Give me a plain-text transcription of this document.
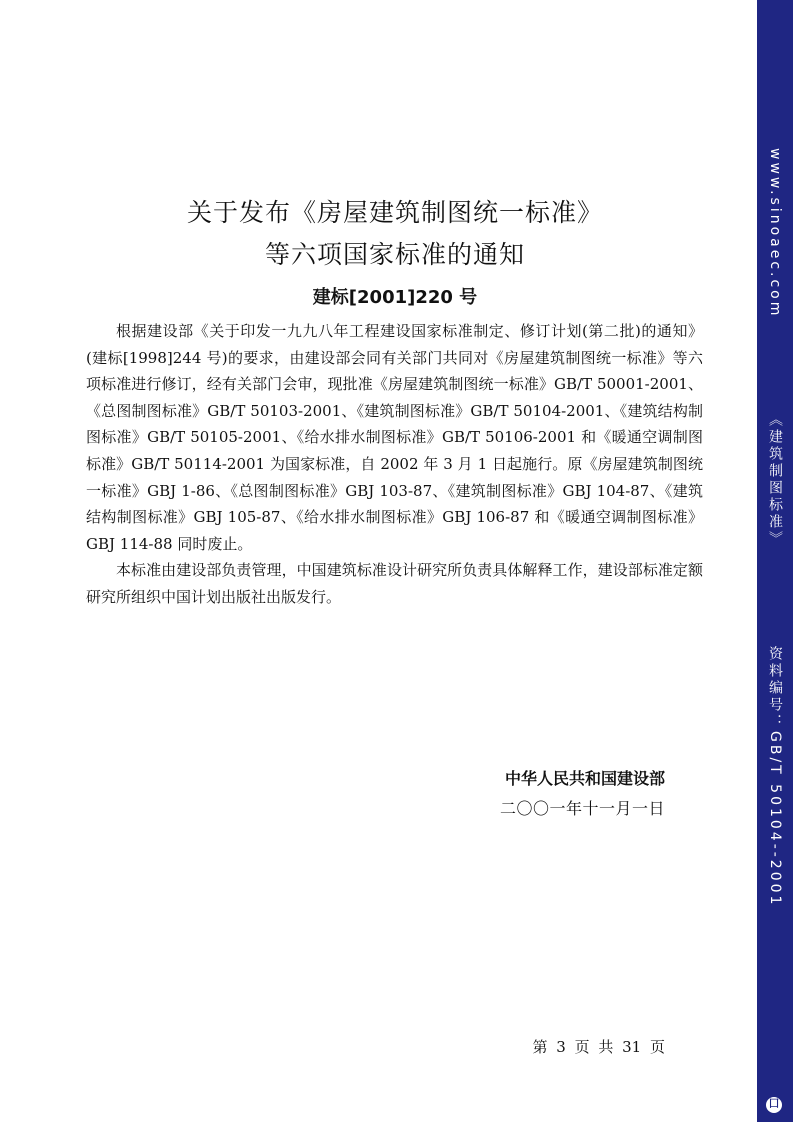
关于发布《房屋建筑制图统一标准》
等六项国家标准的通知
建标[2001]220 号

根据建设部《关于印发一九九八年工程建设国家标准制定、修订计划(第二批)的通知》(建标[1998]244 号)的要求，由建设部会同有关部门共同对《房屋建筑制图统一标准》等六项标准进行修订，经有关部门会审，现批准《房屋建筑制图统一标准》GB/T 50001-2001、《总图制图标准》GB/T 50103-2001、《建筑制图标准》GB/T 50104-2001、《建筑结构制图标准》GB/T 50105-2001、《给水排水制图标准》GB/T 50106-2001 和《暖通空调制图标准》GB/T 50114-2001 为国家标准，自 2002 年 3 月 1 日起施行。原《房屋建筑制图统一标准》GBJ 1-86、《总图制图标准》GBJ 103-87、《建筑制图标准》GBJ 104-87、《建筑结构制图标准》GBJ 105-87、《给水排水制图标准》GBJ 106-87 和《暖通空调制图标准》GBJ 114-88 同时废止。

本标准由建设部负责管理，中国建筑标准设计研究所负责具体解释工作，建设部标准定额研究所组织中国计划出版社出版发行。

中华人民共和国建设部
二〇〇一年十一月一日
第 3 页 共 31 页
www.sinoaec.com
《建筑制图标准》
资料编号：GB/T 50104--2001
囗
